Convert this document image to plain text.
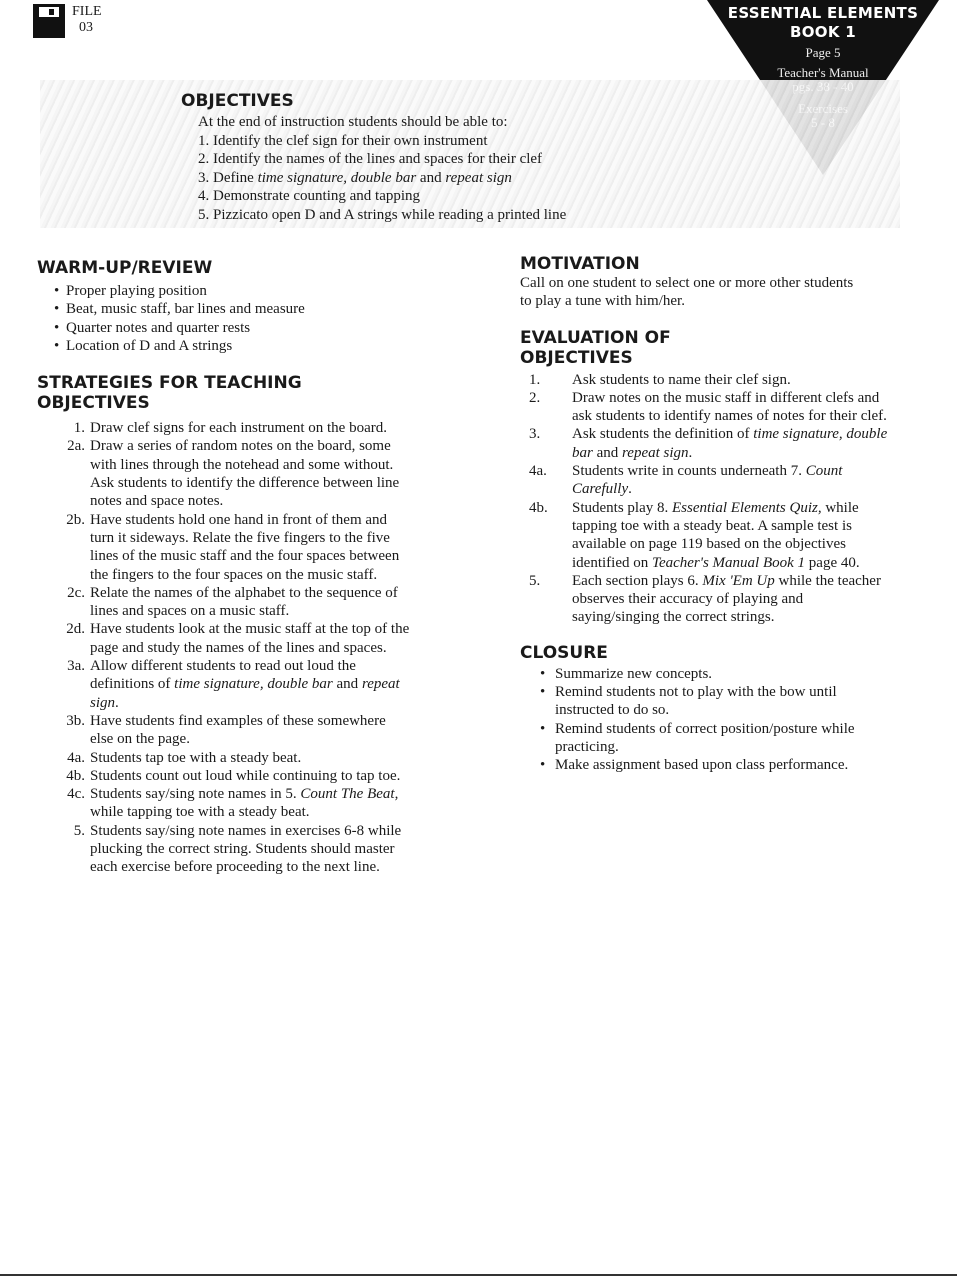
FILE
03
ESSENTIAL ELEMENTS
BOOK 1
Page 5
Teacher's Manual
OBJECTIVES
At the end of instruction students should be able to:
1. Identify the clef sign for their own instrument
2. Identify the names of the lines and spaces for their clef
3. Define time signature, double bar and repeat sign
4. Demonstrate counting and tapping
5. Pizzicato open D and A strings while reading a printed line
WARM-UP/REVIEW
• Proper playing position
• Beat, music staff, bar lines and measure
• Quarter notes and quarter rests
• Location of D and A strings
STRATEGIES FOR TEACHING
OBJECTIVES
1. Draw clef signs for each instrument on the board.
2a. Draw a series of random notes on the board, some with lines through the notehead and some without. Ask students to identify the difference between line notes and space notes.
2b. Have students hold one hand in front of them and turn it sideways. Relate the five fingers to the five lines of the music staff and the four spaces between the fingers to the four spaces on the music staff.
2c. Relate the names of the alphabet to the sequence of lines and spaces on a music staff.
2d. Have students look at the music staff at the top of the page and study the names of the lines and spaces.
3a. Allow different students to read out loud the definitions of time signature, double bar and repeat sign.
3b. Have students find examples of these somewhere else on the page.
4a. Students tap toe with a steady beat.
4b. Students count out loud while continuing to tap toe.
4c. Students say/sing note names in 5. Count The Beat, while tapping toe with a steady beat.
5. Students say/sing note names in exercises 6-8 while plucking the correct string. Students should master each exercise before proceeding to the next line.
MOTIVATION
Call on one student to select one or more other students to play a tune with him/her.
EVALUATION OF
OBJECTIVES
1.	Ask students to name their clef sign.
2.	Draw notes on the music staff in different clefs and ask students to identify names of notes for their clef.
3.	Ask students the definition of time signature, double bar and repeat sign.
4a.	Students write in counts underneath 7. Count Carefully.
4b.	Students play 8. Essential Elements Quiz, while tapping toe with a steady beat. A sample test is available on page 119 based on the objectives identified on Teacher's Manual Book 1 page 40.
5.	Each section plays 6. Mix 'Em Up while the teacher observes their accuracy of playing and saying/singing the correct strings.
CLOSURE
• Summarize new concepts.
• Remind students not to play with the bow until instructed to do so.
• Remind students of correct position/posture while practicing.
• Make assignment based upon class performance.
